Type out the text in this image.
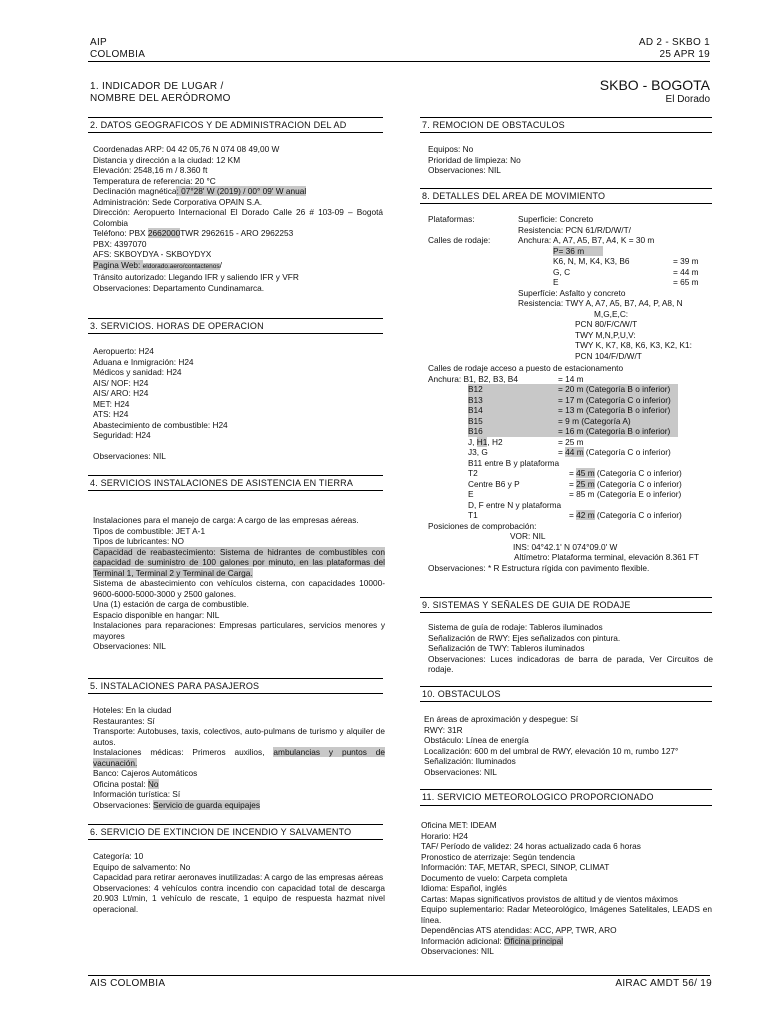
AIP
COLOMBIA
AD 2 - SKBO 1
25 APR 19
1. INDICADOR DE LUGAR /
NOMBRE DEL AERÓDROMO
SKBO - BOGOTA
El Dorado
2. DATOS GEOGRAFICOS Y DE ADMINISTRACION DEL AD

Coordenadas ARP: 04 42 05,76 N 074 08 49,00 W

Distancia y dirección a la ciudad: 12 KM

Elevación: 2548,16 m / 8.360 ft

Temperatura de referencia: 20 °C

Declinación magnética: 07°28' W (2019) / 00° 09' W anual

Administración: Sede Corporativa OPAIN S.A.

Dirección: Aeropuerto Internacional El Dorado Calle 26 # 103-09 – Bogotá Colombia

Teléfono: PBX 2662000TWR 2962615 - ARO 2962253

PBX: 4397070

AFS: SKBOYDYA - SKBOYDYX

Pagina Web: eldorado.aero/contactenos/

Tránsito autorizado: Llegando IFR y saliendo IFR y VFR

Observaciones: Departamento Cundinamarca.

3. SERVICIOS. HORAS DE OPERACION

Aeropuerto: H24

Aduana e Inmigración: H24

Médicos y sanidad: H24

AIS/ NOF: H24

AIS/ ARO: H24

MET: H24

ATS: H24

Abastecimiento de combustible: H24

Seguridad: H24

Observaciones: NIL

4. SERVICIOS INSTALACIONES DE ASISTENCIA EN TIERRA

Instalaciones para el manejo de carga: A cargo de las empresas aéreas.

Tipos de combustible: JET A-1

Tipos de lubricantes: NO

Capacidad de reabastecimiento: Sistema de hidrantes de combustibles con capacidad de suministro de 100 galones por minuto, en las plataformas del Terminal 1, Terminal 2 y Terminal de Carga.

Sistema de abastecimiento con vehículos cisterna, con capacidades 10000-9600-6000-5000-3000 y 2500 galones.

Una (1) estación de carga de combustible.

Espacio disponible en hangar: NIL

Instalaciones para reparaciones: Empresas particulares, servicios menores y mayores

Observaciones: NIL

5. INSTALACIONES PARA PASAJEROS

Hoteles: En la ciudad

Restaurantes: Sí

Transporte: Autobuses, taxis, colectivos, auto-pulmans de turismo y alquiler de autos.

Instalaciones médicas: Primeros auxilios, ambulancias y puntos de vacunación.

Banco: Cajeros Automáticos

Oficina postal: No

Información turística: Sí

Observaciones: Servicio de guarda equipajes

6. SERVICIO DE EXTINCION DE INCENDIO Y SALVAMENTO

Categoría: 10

Equipo de salvamento: No

Capacidad para retirar aeronaves inutilizadas: A cargo de las empresas aéreas

Observaciones: 4 vehículos contra incendio con capacidad total de descarga 20.903 Lt/min, 1 vehículo de rescate, 1 equipo de respuesta hazmat nivel operacional.

7. REMOCION DE OBSTACULOS

Equipos: No

Prioridad de limpieza: No

Observaciones: NIL

8. DETALLES DEL AREA DE MOVIMIENTO
Plataformas:	Superficie: Concreto
Resistencia: PCN 61/R/D/W/T/
Calles de rodaje:	Anchura: A, A7, A5, B7, A4, K = 30 m
P= 36 m
K6, N, M, K4, K3, B6	= 39 m
G, C	= 44 m
E	= 65 m
Superfície: Asfalto y concreto
Resistencia: TWY A, A7, A5, B7, A4, P, A8, N
M,G,E,C:
PCN 80/F/C/W/T
TWY M,N,P,U,V:
TWY K, K7, K8, K6, K3, K2, K1:
PCN 104/F/D/W/T
Calles de rodaje acceso a puesto de estacionamento
Anchura: B1, B2, B3, B4	= 14 m
B12	= 20 m (Categoría B o inferior)
B13	= 17 m (Categoría C o inferior)
B14	= 13 m (Categoría B o inferior)
B15	= 9 m (Categoría A)
B16	= 16 m (Categoría B o inferior)
J, H1, H2	= 25 m
J3, G	= 44 m (Categoría C o inferior)
B11 entre B y plataforma
T2	= 45 m (Categoría C o inferior)
Centre B6 y P	= 25 m (Categoría C o inferior)
E	= 85 m (Categoría E o inferior)
D, F entre N y plataforma
T1	= 42 m (Categoría C o inferior)
Posiciones de comprobación:
VOR: NIL
INS: 04°42.1' N 074°09.0' W
Altímetro: Plataforma terminal, elevación 8.361 FT
Observaciones: * R Estructura rígida con pavimento flexible.
9. SISTEMAS Y SEÑALES DE GUIA DE RODAJE

Sistema de guía de rodaje: Tableros iluminados

Señalización de RWY: Ejes señalizados con pintura.

Señalización de TWY: Tableros iluminados

Observaciones: Luces indicadoras de barra de parada, Ver Circuitos de rodaje.

10. OBSTACULOS

En áreas de aproximación y despegue: Sí

RWY: 31R

Obstáculo: Línea de energía

Localización: 600 m del umbral de RWY, elevación 10 m, rumbo 127°

Señalización: Iluminados

Observaciones: NIL

11. SERVICIO METEOROLOGICO PROPORCIONADO

Oficina MET: IDEAM

Horario: H24

TAF/ Período de validez: 24 horas actualizado cada 6 horas

Pronostico de aterrizaje: Según tendencia

Información: TAF, METAR, SPECI, SINOP, CLIMAT

Documento de vuelo: Carpeta completa

Idioma: Español, inglés

Cartas: Mapas significativos provistos de altitud y de vientos máximos

Equipo suplementario: Radar Meteorológico, Imágenes Satelitales, LEADS en línea.

Dependências ATS atendidas: ACC, APP, TWR, ARO

Información adicional: Oficina principal

Observaciones: NIL

AIS COLOMBIA	AIRAC AMDT 56/ 19
